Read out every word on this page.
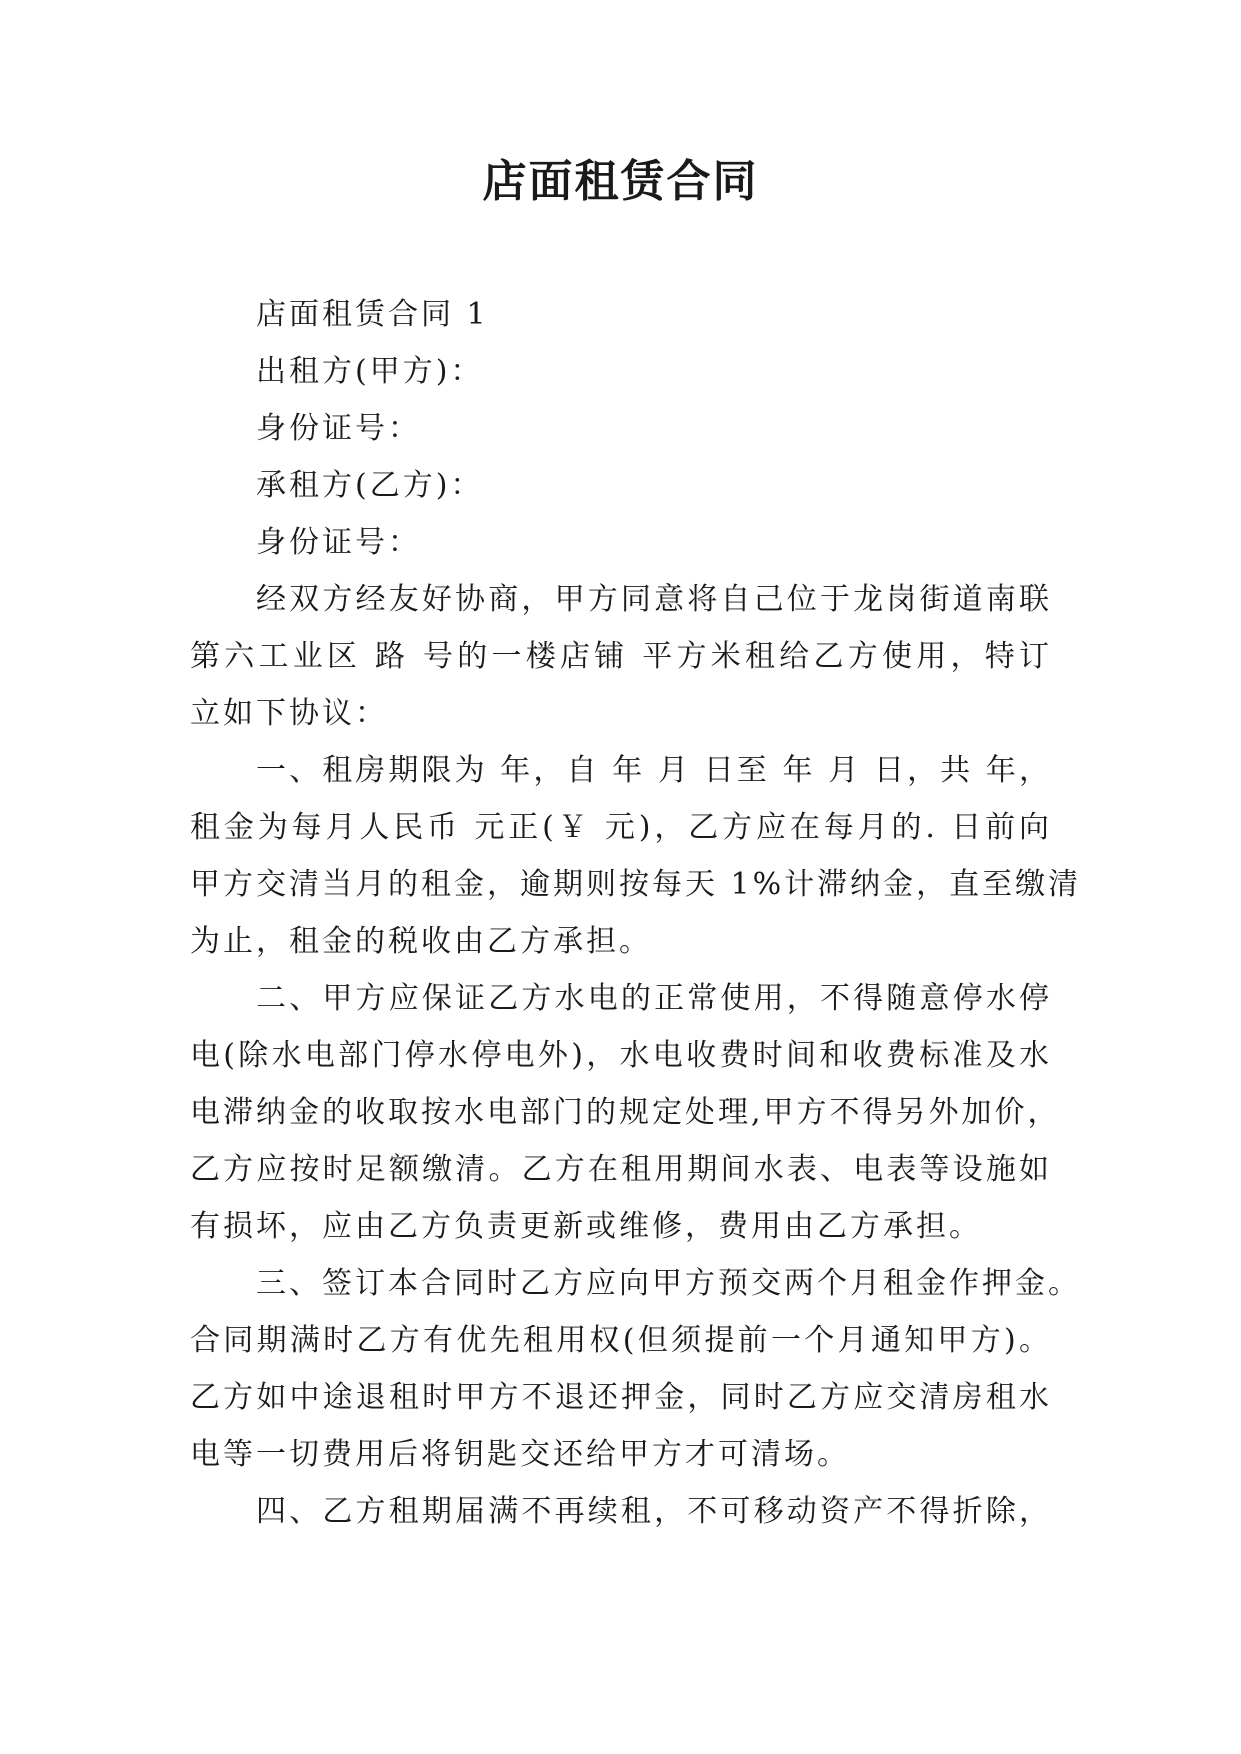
店面租赁合同
店面租赁合同 1
出租方(甲方)：
身份证号：
承租方(乙方)：
身份证号：
经双方经友好协商，甲方同意将自己位于龙岗街道南联
第六工业区 路 号的一楼店铺 平方米租给乙方使用，特订
立如下协议：
一、租房期限为 年，自 年 月 日至 年 月 日，共 年，
租金为每月人民币 元正(￥ 元)，乙方应在每月的. 日前向
甲方交清当月的租金，逾期则按每天 1%计滞纳金，直至缴清
为止，租金的税收由乙方承担。
二、甲方应保证乙方水电的正常使用，不得随意停水停
电(除水电部门停水停电外)，水电收费时间和收费标准及水
电滞纳金的收取按水电部门的规定处理,甲方不得另外加价，
乙方应按时足额缴清。乙方在租用期间水表、电表等设施如
有损坏，应由乙方负责更新或维修，费用由乙方承担。
三、签订本合同时乙方应向甲方预交两个月租金作押金。
合同期满时乙方有优先租用权(但须提前一个月通知甲方)。
乙方如中途退租时甲方不退还押金，同时乙方应交清房租水
电等一切费用后将钥匙交还给甲方才可清场。
四、乙方租期届满不再续租，不可移动资产不得折除，
